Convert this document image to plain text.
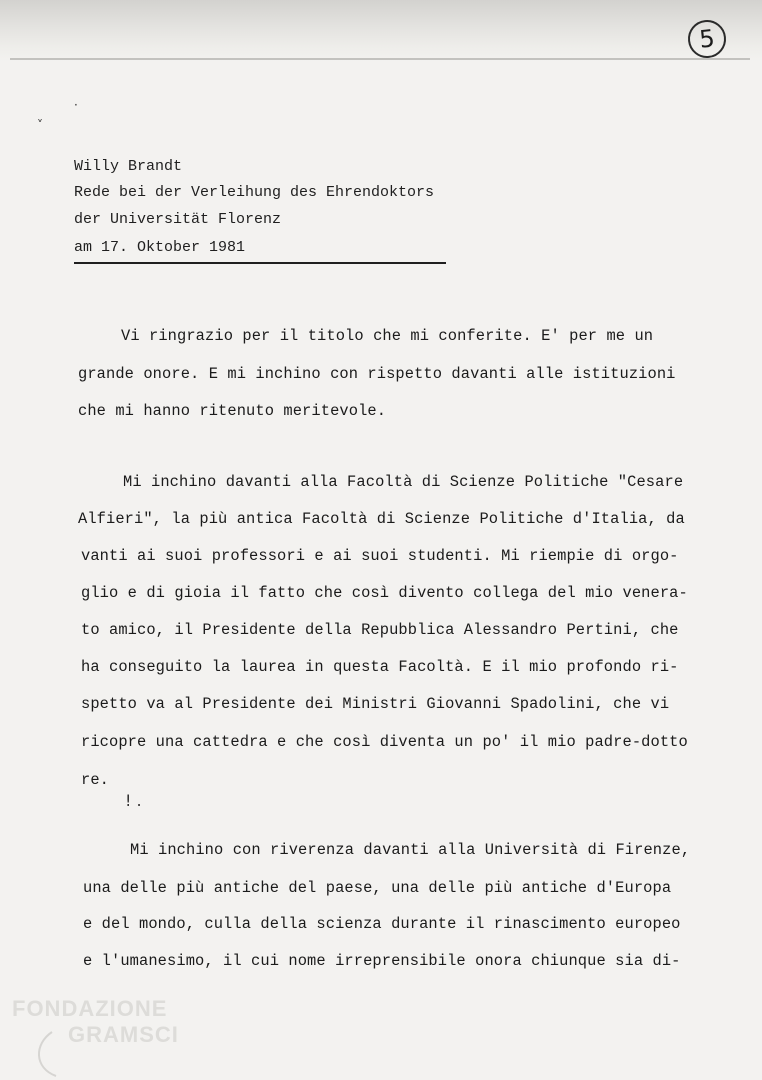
5
Willy Brandt
Rede bei der Verleihung des Ehrendoktors
der Universität Florenz
am 17. Oktober 1981
Vi ringrazio per il titolo che mi conferite. E' per me un
grande onore. E mi inchino con rispetto davanti alle istituzioni
che mi hanno ritenuto meritevole.
Mi inchino davanti alla Facoltà di Scienze Politiche "Cesare
Alfieri", la più antica Facoltà di Scienze Politiche d'Italia, da
vanti ai suoi professori e ai suoi studenti. Mi riempie di orgo-
glio e di gioia il fatto che così divento collega del mio venera-
to amico, il Presidente della Repubblica Alessandro Pertini, che
ha conseguito la laurea in questa Facoltà. E il mio profondo ri-
spetto va al Presidente dei Ministri Giovanni Spadolini, che vi
ricopre una cattedra e che così diventa un po' il mio padre-dotto
re.
Mi inchino con riverenza davanti alla Università di Firenze,
una delle più antiche del paese, una delle più antiche d'Europa
e del mondo, culla della scienza durante il rinascimento europeo
e l'umanesimo, il cui nome irreprensibile onora chiunque sia di-
·
˅
! .
FONDAZIONE
GRAMSCI
